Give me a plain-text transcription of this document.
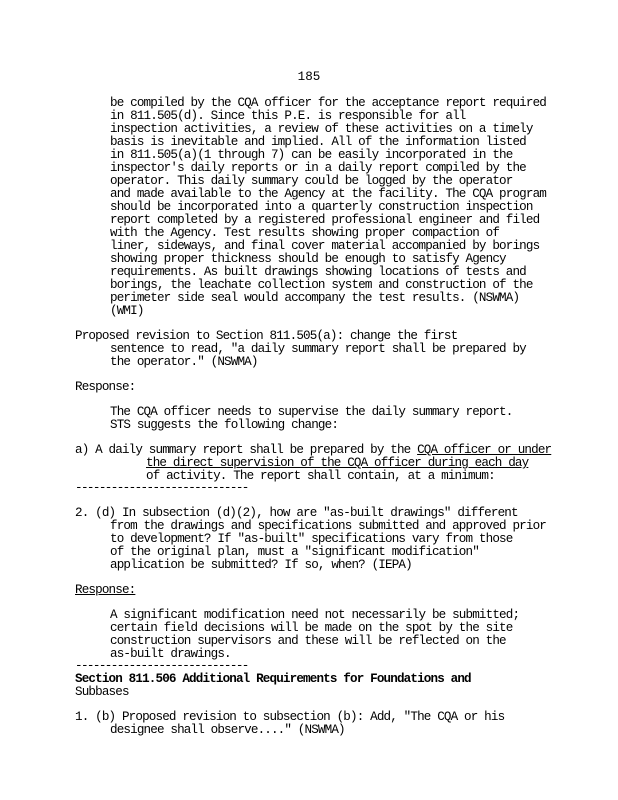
185
be compiled by the CQA officer for the acceptance report required
in 811.505(d). Since this P.E. is responsible for all
inspection activities, a review of these activities on a timely
basis is inevitable and implied. All of the information listed
in 811.505(a)(1 through 7) can be easily incorporated in the
inspector's daily reports or in a daily report compiled by the
operator. This daily summary could be logged by the operator
and made available to the Agency at the facility. The CQA program
should be incorporated into a quarterly construction inspection
report completed by a registered professional engineer and filed
with the Agency. Test results showing proper compaction of
liner, sideways, and final cover material accompanied by borings
showing proper thickness should be enough to satisfy Agency
requirements. As built drawings showing locations of tests and
borings, the leachate collection system and construction of the
perimeter side seal would accompany the test results. (NSWMA)
(WMI)
Proposed revision to Section 811.505(a): change the first
sentence to read, "a daily summary report shall be prepared by
the operator." (NSWMA)
Response:
The CQA officer needs to supervise the daily summary report.
STS suggests the following change:
a) A daily summary report shall be prepared by the CQA officer or under
the direct supervision of the CQA officer during each day
of activity. The report shall contain, at a minimum:
-----------------------------
2. (d) In subsection (d)(2), how are "as-built drawings" different
from the drawings and specifications submitted and approved prior
to development? If "as-built" specifications vary from those
of the original plan, must a "significant modification"
application be submitted? If so, when? (IEPA)
Response:
A significant modification need not necessarily be submitted;
certain field decisions will be made on the spot by the site
construction supervisors and these will be reflected on the
as-built drawings.
-----------------------------
Section 811.506 Additional Requirements for Foundations and
Subbases
1. (b) Proposed revision to subsection (b): Add, "The CQA or his
designee shall observe...." (NSWMA)
